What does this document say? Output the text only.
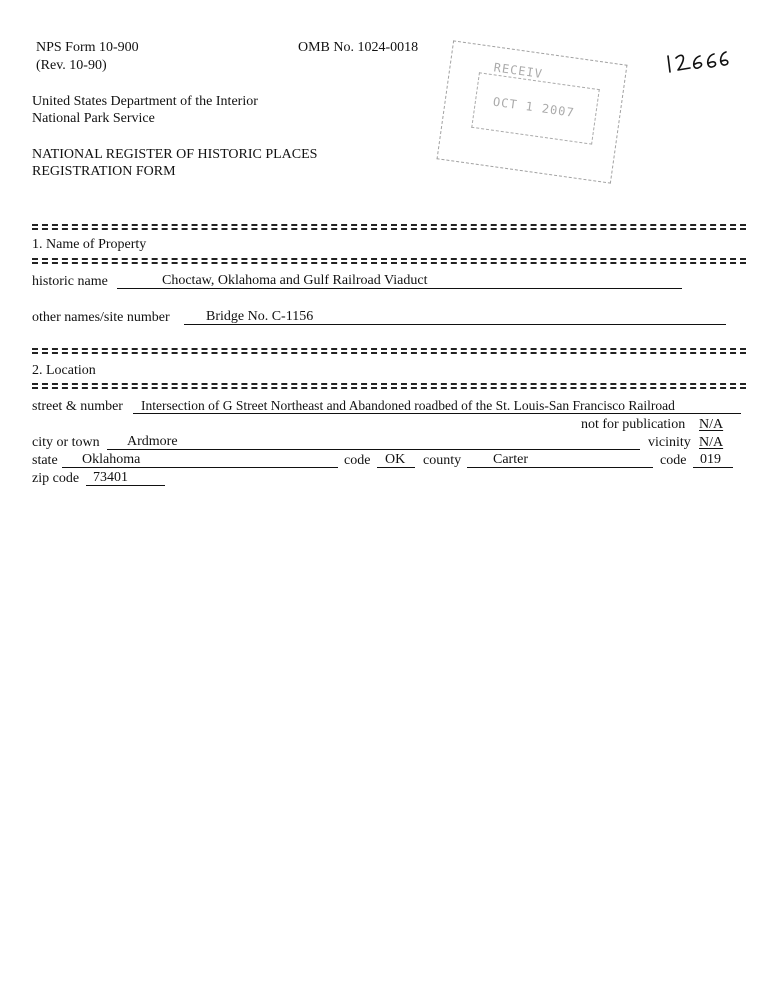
NPS Form 10-900	OMB No. 1024-0018
(Rev. 10-90)
United States Department of the Interior
National Park Service
NATIONAL REGISTER OF HISTORIC PLACES
REGISTRATION FORM
RECEIV
OCT 1 2007
1. Name of Property
historic name	Choctaw, Oklahoma and Gulf Railroad Viaduct
other names/site number	Bridge No. C-1156
2. Location
street & number Intersection of G Street Northeast and Abandoned roadbed of the St. Louis-San Francisco Railroad
not for publication N/A
city or town Ardmore	vicinity N/A
state Oklahoma	code OK county Carter	code 019
zip code 73401
